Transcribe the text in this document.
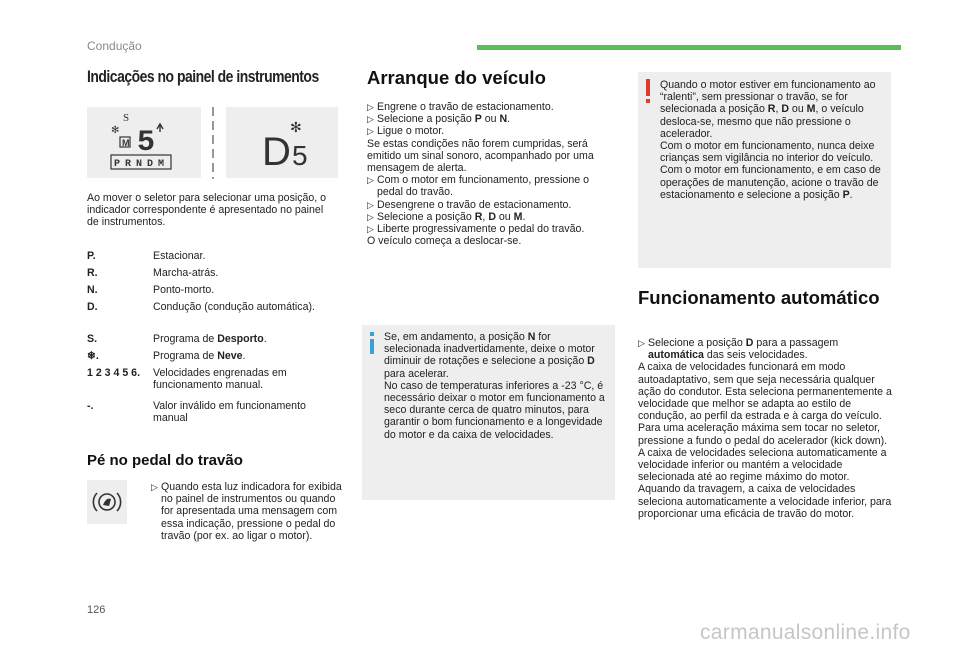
Condução
Indicações no painel de instrumentos
S
✻
M 5
P R N D M D 5
✻
Ao mover o seletor para selecionar uma posição, o indicador correspondente é apresentado no painel de instrumentos.
P.	Estacionar.
R.	Marcha-atrás.
N.	Ponto-morto.
D.	Condução (condução automática).
S.	Programa de Desporto.
❄.	Programa de Neve.
1 2 3 4 5 6.	Velocidades engrenadas em funcionamento manual.
-.	Valor inválido em funcionamento manual
Pé no pedal do travão
▷ Quando esta luz indicadora for exibida no painel de instrumentos ou quando for apresentada uma mensagem com essa indicação, pressione o pedal do travão (por ex. ao ligar o motor).
Arranque do veículo
▷ Engrene o travão de estacionamento.
▷ Selecione a posição P ou N.
▷ Ligue o motor.
Se estas condições não forem cumpridas, será emitido um sinal sonoro, acompanhado por uma mensagem de alerta.
▷ Com o motor em funcionamento, pressione o pedal do travão.
▷ Desengrene o travão de estacionamento.
▷ Selecione a posição R, D ou M.
▷ Liberte progressivamente o pedal do travão.
O veículo começa a deslocar-se.
Se, em andamento, a posição N for selecionada inadvertidamente, deixe o motor diminuir de rotações e selecione a posição D para acelerar.
No caso de temperaturas inferiores a -23 °C, é necessário deixar o motor em funcionamento a seco durante cerca de quatro minutos, para garantir o bom funcionamento e a longevidade do motor e da caixa de velocidades.
Quando o motor estiver em funcionamento ao “ralenti”, sem pressionar o travão, se for selecionada a posição R, D ou M, o veículo desloca-se, mesmo que não pressione o acelerador.
Com o motor em funcionamento, nunca deixe crianças sem vigilância no interior do veículo.
Com o motor em funcionamento, e em caso de operações de manutenção, acione o travão de estacionamento e selecione a posição P.
Funcionamento automático
▷ Selecione a posição D para a passagem automática das seis velocidades.
A caixa de velocidades funcionará em modo autoadaptativo, sem que seja necessária qualquer ação do condutor. Esta seleciona permanentemente a velocidade que melhor se adapta ao estilo de condução, ao perfil da estrada e à carga do veículo.
Para uma aceleração máxima sem tocar no seletor, pressione a fundo o pedal do acelerador (kick down). A caixa de velocidades seleciona automaticamente a velocidade inferior ou mantém a velocidade selecionada até ao regime máximo do motor.
Aquando da travagem, a caixa de velocidades seleciona automaticamente a velocidade inferior, para proporcionar uma eficácia de travão do motor.
126
carmanualsonline.info
